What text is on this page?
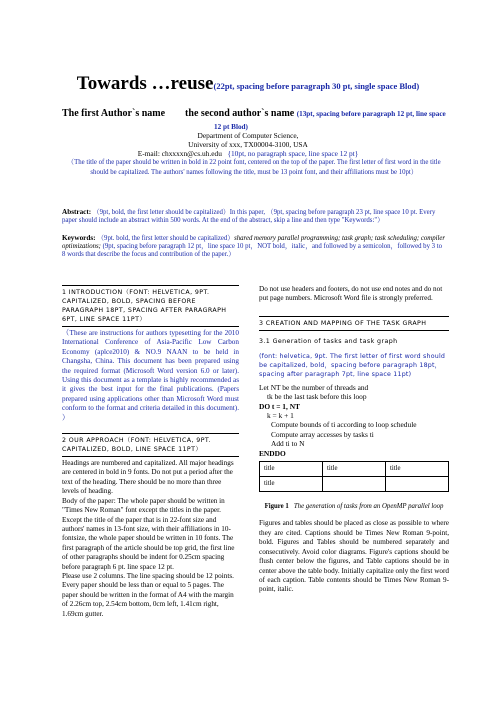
Towards …reuse(22pt, spacing before paragraph 30 pt, single space Blod)
The first Author`s name        the second author`s name (13pt, spacing before paragraph 12 pt, line space
12 pt Blod)
Department of Computer Science,
University of xxx, TX00004-3100, USA
E-mail: chxxxxn@cs.uh.edu {10pt, no paragraph space, line space 12 pt}
（The title of the paper should be written in bold in 22 point font, centered on the top of the paper. The first letter of first word in the title should be capitalized. The authors' names following the title, must be 13 point font, and their affiliations must be 10pt）
Abstract: （9pt, bold, the first letter should be capitalized）In this paper, （9pt, spacing before paragraph 23 pt, line space 10 pt. Every paper should include an abstract within 500 words. At the end of the abstract, skip a line and then type "Keywords:"）
Keywords: （9pt. bold, the first letter should be capitalized）shared memory parallel programming; task graph; task scheduling; compiler optimizations; (9pt, spacing before paragraph 12 pt，line space 10 pt，NOT bold，italic，and followed by a semicolon，followed by 3 to 8 words that describe the focus and contribution of the paper.）
1 INTRODUCTION（FONT: HELVETICA, 9PT. CAPITALIZED, BOLD, SPACING BEFORE PARAGRAPH 18PT, SPACING AFTER PARAGRAPH 6PT, LINE SPACE 11PT）
（These are instructions for authors typesetting for the 2010 International Conference of Asia-Pacific Low Carbon Economy (aplce2010) & NO.9 NAAN to be held in Changsha, China. This document has been prepared using the required format (Microsoft Word version 6.0 or later). Using this document as a template is highly recommended as it gives the best input for the final publications. (Papers prepared using applications other than Microsoft Word must conform to the format and criteria detailed in this document). ）
2 OUR APPROACH（FONT: HELVETICA, 9PT. CAPITALIZED, BOLD, LINE SPACE 11PT）
Headings are numbered and capitalized. All major headings are centered in bold in 9 fonts. Do not put a period after the text of the heading. There should be no more than three levels of heading.
Body of the paper: The whole paper should be written in "Times New Roman" font except the titles in the paper. Except the title of the paper that is in 22-font size and authors' names in 13-font size, with their affiliations in 10-fontsize, the whole paper should be written in 10 fonts. The first paragraph of the article should be top grid, the first line of other paragraphs should be indent for 0.25cm spacing before paragraph 6 pt. line space 12 pt.
Please use 2 columns. The line spacing should be 12 points. Every paper should be less than or equal to 5 pages. The paper should be written in the format of A4 with the margin of 2.26cm top, 2.54cm bottom, 0cm left, 1.41cm right, 1.69cm gutter.
Do not use headers and footers, do not use end notes and do not put page numbers. Microsoft Word file is strongly preferred.
3 CREATION AND MAPPING OF THE TASK GRAPH
3.1 Generation of tasks and task graph
(font: helvetica, 9pt. The first letter of first word should be capitalized, bold，spacing before paragraph 18pt，spacing after paragraph 7pt, line space 11pt)
Let NT be the number of threads and
tk be the last task before this loop
DO t = 1, NT
k = k + 1
Compute bounds of ti according to loop schedule
Compute array accesses by tasks ti
Add ti to N
ENDDO
title	title	title
title		
Figure 1 The generation of tasks from an OpenMP parallel loop
Figures and tables should be placed as close as possible to where they are cited. Captions should be Times New Roman 9-point, bold. Figures and Tables should be numbered separately and consecutively. Avoid color diagrams. Figure's captions should be flush center below the figures, and Table captions should be in center above the table body. Initially capitalize only the first word of each caption. Table contents should be Times New Roman 9-point, italic.
